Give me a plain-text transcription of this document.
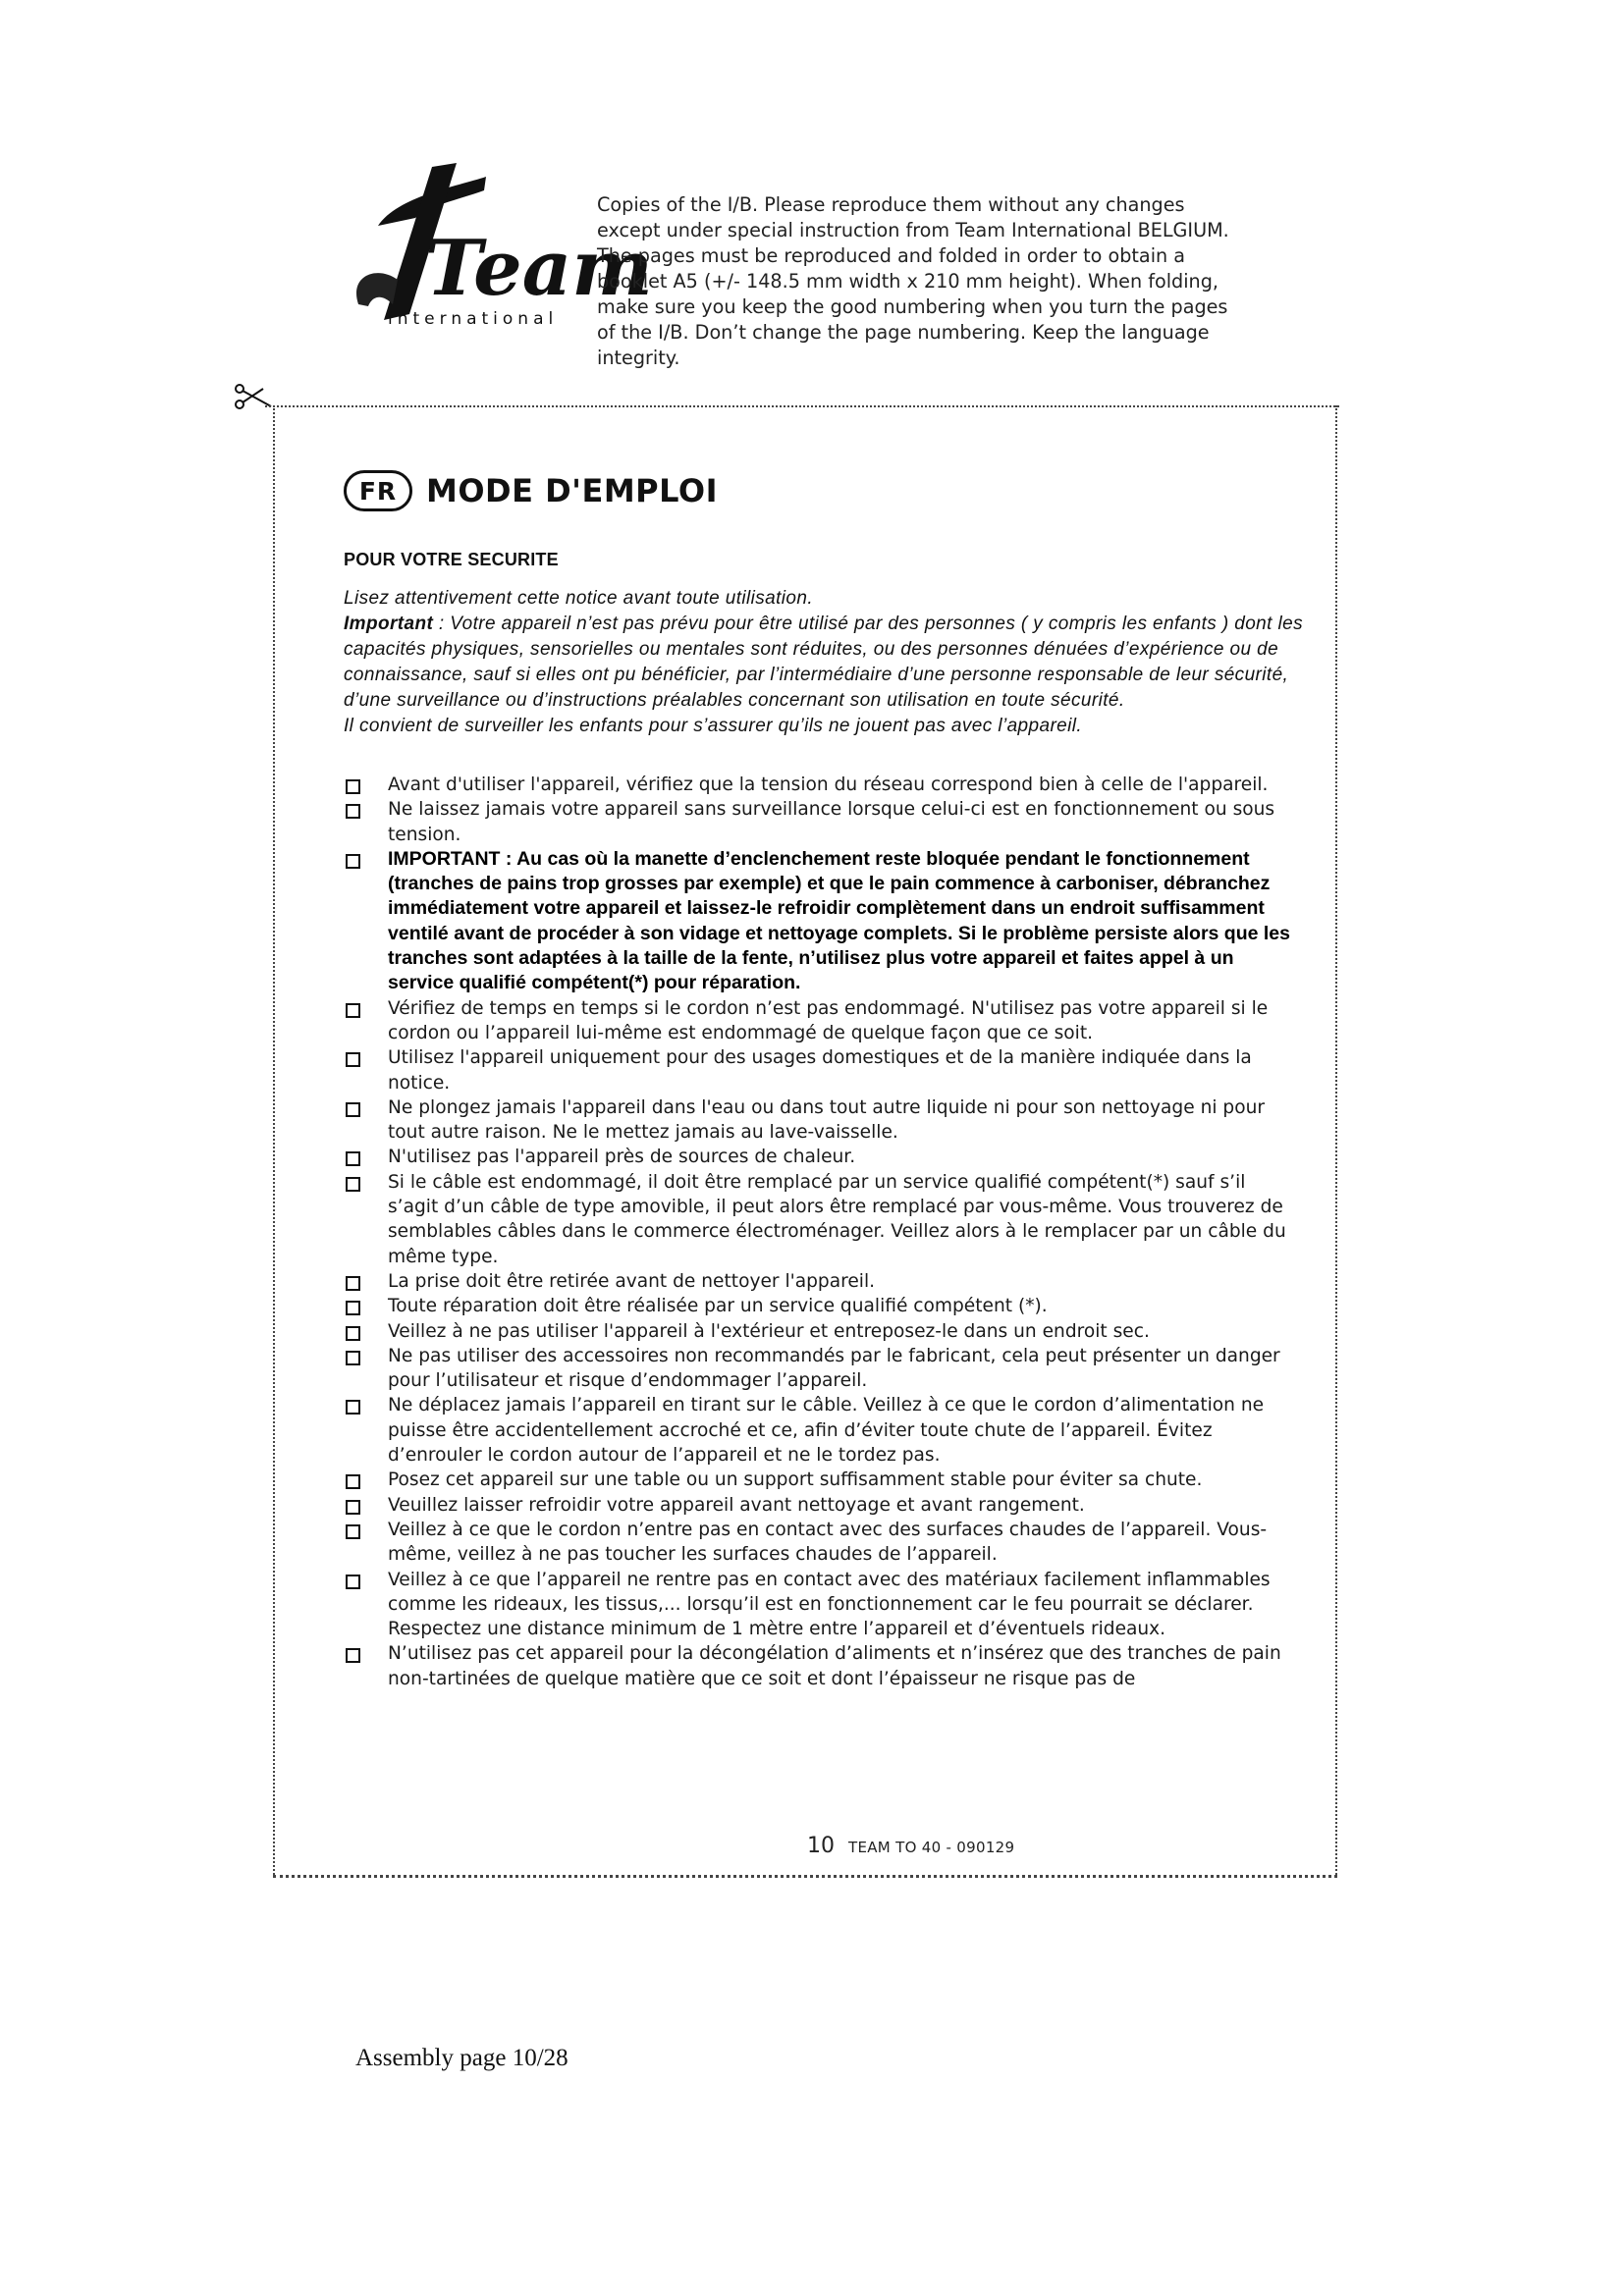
Team
international
Copies of the I/B. Please reproduce them without any changes
except under special instruction from Team International BELGIUM.
The pages must be reproduced and folded in order to obtain a
booklet A5 (+/- 148.5 mm width x 210 mm height). When folding,
make sure you keep the good numbering when you turn the pages
of the I/B. Don’t change the page numbering. Keep the language
integrity.
FR MODE D'EMPLOI
POUR VOTRE SECURITE

Lisez attentivement cette notice avant toute utilisation.

Important : Votre appareil n’est pas prévu pour être utilisé par des personnes ( y compris les enfants ) dont les capacités physiques, sensorielles ou mentales sont réduites, ou des personnes dénuées d’expérience ou de connaissance, sauf si elles ont pu bénéficier, par l’intermédiaire d’une personne responsable de leur sécurité, d’une surveillance ou d’instructions préalables concernant son utilisation en toute sécurité.

Il convient de surveiller les enfants pour s’assurer qu’ils ne jouent pas avec l’appareil.

Avant d'utiliser l'appareil, vérifiez que la tension du réseau correspond bien à celle de l'appareil.
Ne laissez jamais votre appareil sans surveillance lorsque celui-ci est en fonctionnement ou sous tension.
IMPORTANT : Au cas où la manette d’enclenchement reste bloquée pendant le fonctionnement (tranches de pains trop grosses par exemple) et que le pain commence à carboniser, débranchez immédiatement votre appareil et laissez-le refroidir complètement dans un endroit suffisamment ventilé avant de procéder à son vidage et nettoyage complets. Si le problème persiste alors que les tranches sont adaptées à la taille de la fente, n’utilisez plus votre appareil et faites appel à un service qualifié compétent(*) pour réparation.
Vérifiez de temps en temps si le cordon n’est pas endommagé. N'utilisez pas votre appareil si le cordon ou l’appareil lui-même est endommagé de quelque façon que ce soit.
Utilisez l'appareil uniquement pour des usages domestiques et de la manière indiquée dans la notice.
Ne plongez jamais l'appareil dans l'eau ou dans tout autre liquide ni pour son nettoyage ni pour tout autre raison. Ne le mettez jamais au lave-vaisselle.
N'utilisez pas l'appareil près de sources de chaleur.
Si le câble est endommagé, il doit être remplacé par un service qualifié compétent(*) sauf s’il s’agit d’un câble de type amovible, il peut alors être remplacé par vous-même. Vous trouverez de semblables câbles dans le commerce électroménager. Veillez alors à le remplacer par un câble du même type.
La prise doit être retirée avant de nettoyer l'appareil.
Toute réparation doit être réalisée par un service qualifié compétent (*).
Veillez à ne pas utiliser l'appareil à l'extérieur et entreposez-le dans un endroit sec.
Ne pas utiliser des accessoires non recommandés par le fabricant, cela peut présenter un danger pour l’utilisateur et risque d’endommager l’appareil.
Ne déplacez jamais l’appareil en tirant sur le câble. Veillez à ce que le cordon d’alimentation ne puisse être accidentellement accroché et ce, afin d’éviter toute chute de l’appareil. Évitez d’enrouler le cordon autour de l’appareil et ne le tordez pas.
Posez cet appareil sur une table ou un support suffisamment stable pour éviter sa chute.
Veuillez laisser refroidir votre appareil avant nettoyage et avant rangement.
Veillez à ce que le cordon n’entre pas en contact avec des surfaces chaudes de l’appareil. Vous-même, veillez à ne pas toucher les surfaces chaudes de l’appareil.
Veillez à ce que l’appareil ne rentre pas en contact avec des matériaux facilement inflammables comme les rideaux, les tissus,... lorsqu’il est en fonctionnement car le feu pourrait se déclarer. Respectez une distance minimum de 1 mètre entre l’appareil et d’éventuels rideaux.
N’utilisez pas cet appareil pour la décongélation d’aliments et n’insérez que des tranches de pain non-tartinées de quelque matière que ce soit et dont l’épaisseur ne risque pas de
10 TEAM TO 40 - 090129
Assembly page 10/28
